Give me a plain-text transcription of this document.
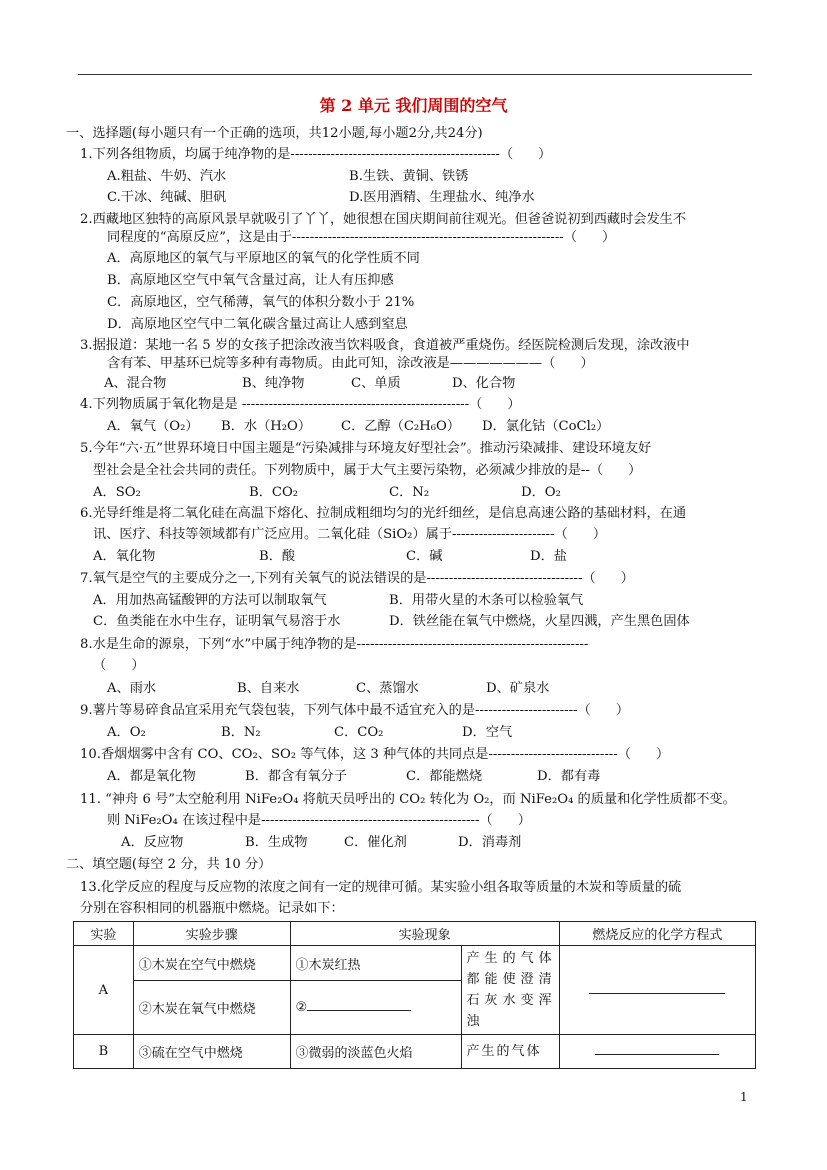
第 2 单元 我们周围的空气
一、选择题(每小题只有一个正确的选项，共12小题,每小题2分,共24分)
1.下列各组物质，均属于纯净物的是-----------------------------------------------（      ）
A.粗盐、牛奶、汽水	B.生铁、黄铜、铁锈
C.干冰、纯碱、胆矾	D.医用酒精、生理盐水、纯净水
2.西藏地区独特的高原风景早就吸引了丫丫，她很想在国庆期间前往观光。但爸爸说初到西藏时会发生不
同程度的“高原反应”，这是由于-------------------------------------------------------------（      ）
A．高原地区的氧气与平原地区的氧气的化学性质不同
B．高原地区空气中氧气含量过高，让人有压抑感
C．高原地区，空气稀薄，氧气的体积分数小于 21%
D．高原地区空气中二氧化碳含量过高让人感到窒息
3.据报道：某地一名 5 岁的女孩子把涂改液当饮料吸食，食道被严重烧伤。经医院检测后发现，涂改液中
含有苯、甲基环已烷等多种有毒物质。由此可知，涂改液是———————（      ）
A、混合物	B、纯净物	C、单质	D、化合物
4.下列物质属于氧化物是是 ---------------------------------------------------（      ）
A．氧气（O₂） B．水（H₂O） C．乙醇（C₂H₆O） D．氯化钴（CoCl₂）
5.今年“六·五”世界环境日中国主题是“污染减排与环境友好型社会”。推动污染减排、建设环境友好
型社会是全社会共同的责任。下列物质中，属于大气主要污染物，必须减少排放的是--（      ）
A．SO₂	B．CO₂	C．N₂	D．O₂
6.光导纤维是将二氧化硅在高温下熔化、拉制成粗细均匀的光纤细丝，是信息高速公路的基础材料，在通
讯、医疗、科技等领域都有广泛应用。二氧化硅（SiO₂）属于-----------------------（      ）
A．氧化物	B．酸	C．碱	D．盐
7.氧气是空气的主要成分之一,下列有关氧气的说法错误的是-----------------------------------（      ）
A．用加热高锰酸钾的方法可以制取氧气	B．用带火星的木条可以检验氧气
C．鱼类能在水中生存，证明氧气易溶于水	D．铁丝能在氧气中燃烧，火星四溅，产生黑色固体
8.水是生命的源泉，下列“水”中属于纯净物的是----------------------------------------------------
（      ）
A、雨水	B、自来水	C、蒸馏水	D、矿泉水
9.薯片等易碎食品宜采用充气袋包装，下列气体中最不适宜充入的是-----------------------（      ）
A．O₂	B．N₂	C．CO₂	D．空气
10.香烟烟雾中含有 CO、CO₂、SO₂ 等气体，这 3 种气体的共同点是-----------------------------（      ）
A．都是氧化物	B．都含有氧分子	C．都能燃烧	D．都有毒
11. “神舟 6 号”太空舱利用 NiFe₂O₄ 将航天员呼出的 CO₂ 转化为 O₂，而 NiFe₂O₄ 的质量和化学性质都不变。
则 NiFe₂O₄ 在该过程中是-------------------------------------------------（      ）
A．反应物	B．生成物	C．催化剂	D．消毒剂
二、填空题(每空 2 分，共 10 分）
13.化学反应的程度与反应物的浓度之间有一定的规律可循。某实验小组各取等质量的木炭和等质量的硫
分别在容积相同的机器瓶中燃烧。记录如下：
实验	实验步骤	实验现象		燃烧反应的化学方程式
A	①木炭在空气中燃烧	①木炭红热	产生的气体都能使澄清石灰水变浑浊	
	②木炭在氧气中燃烧	②		
B	③硫在空气中燃烧	③微弱的淡蓝色火焰	产生的气体	
1
